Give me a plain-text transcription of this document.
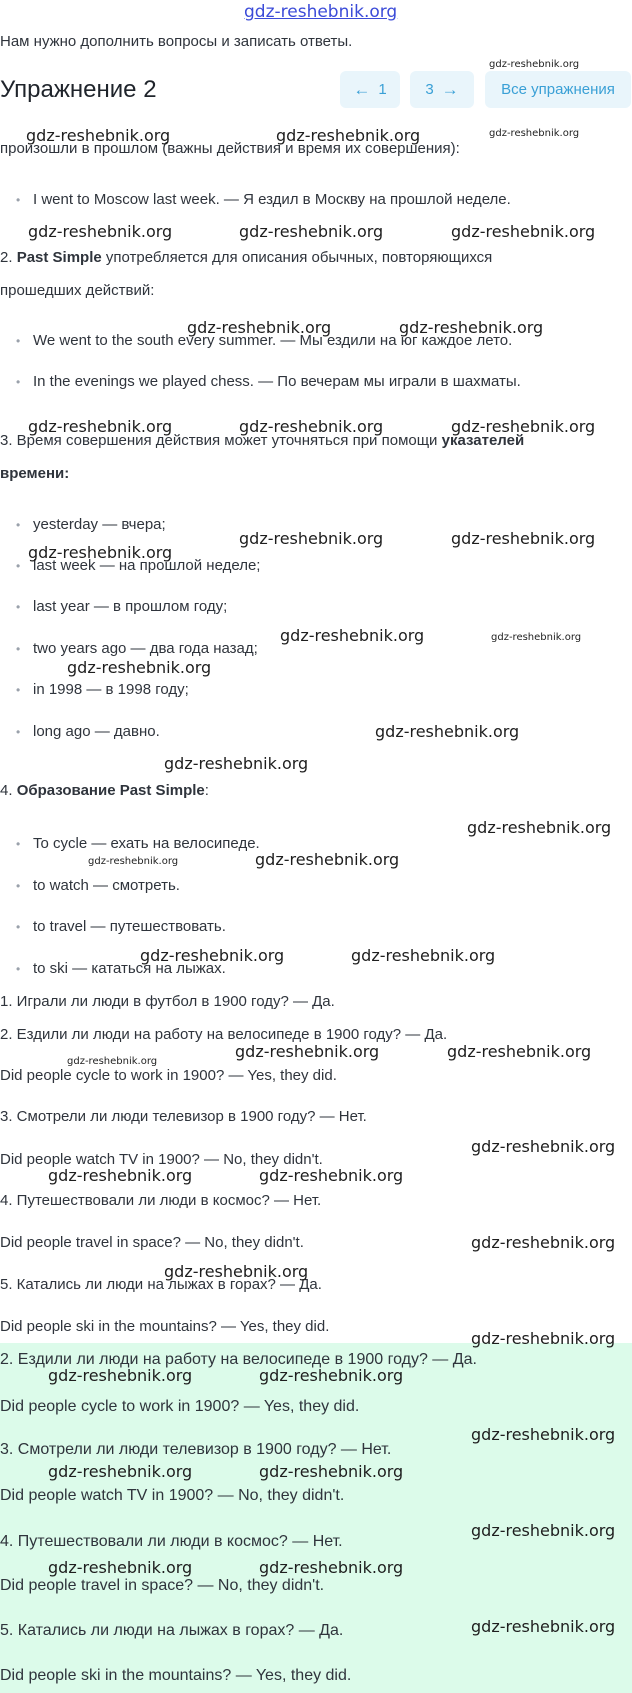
gdz-reshebnik.org
Нам нужно дополнить вопросы и записать ответы.
Упражнение 2	← 1	3 →	Все упражнения
произошли в прошлом (важны действия и время их совершения):
• I went to Moscow last week. — Я ездил в Москву на прошлой неделе.
2. Past Simple употребляется для описания обычных, повторяющихся
прошедших действий:
• We went to the south every summer. — Мы ездили на юг каждое лето.
• In the evenings we played chess. — По вечерам мы играли в шахматы.
3. Время совершения действия может уточняться при помощи указателей
времени:
• yesterday — вчера;
• last week — на прошлой неделе;
• last year — в прошлом году;
• two years ago — два года назад;
• in 1998 — в 1998 году;
• long ago — давно.
4. Образование Past Simple:
• To cycle — ехать на велосипеде.
• to watch — смотреть.
• to travel — путешествовать.
• to ski — кататься на лыжах.
1. Играли ли люди в футбол в 1900 году? — Да.
2. Ездили ли люди на работу на велосипеде в 1900 году? — Да.
Did people cycle to work in 1900? — Yes, they did.
3. Смотрели ли люди телевизор в 1900 году? — Нет.
Did people watch TV in 1900? — No, they didn't.
4. Путешествовали ли люди в космос? — Нет.
Did people travel in space? — No, they didn't.
5. Катались ли люди на лыжах в горах? — Да.
Did people ski in the mountains? — Yes, they did.
2. Ездили ли люди на работу на велосипеде в 1900 году? — Да.
Did people cycle to work in 1900? — Yes, they did.
3. Смотрели ли люди телевизор в 1900 году? — Нет.
Did people watch TV in 1900? — No, they didn't.
4. Путешествовали ли люди в космос? — Нет.
Did people travel in space? — No, they didn't.
5. Катались ли люди на лыжах в горах? — Да.
Did people ski in the mountains? — Yes, they did.
gdz-reshebnik.org
gdz-reshebnik.org
gdz-reshebnik.org	gdz-reshebnik.org
gdz-reshebnik.org	gdz-reshebnik.org	gdz-reshebnik.org
gdz-reshebnik.org	gdz-reshebnik.org
gdz-reshebnik.org	gdz-reshebnik.org	gdz-reshebnik.org
gdz-reshebnik.org	gdz-reshebnik.org
gdz-reshebnik.org
gdz-reshebnik.org	gdz-reshebnik.org
gdz-reshebnik.org
gdz-reshebnik.org
gdz-reshebnik.org
gdz-reshebnik.org
gdz-reshebnik.org	gdz-reshebnik.org
gdz-reshebnik.org	gdz-reshebnik.org
gdz-reshebnik.org
gdz-reshebnik.org	gdz-reshebnik.org
gdz-reshebnik.org
gdz-reshebnik.org	gdz-reshebnik.org
gdz-reshebnik.org
gdz-reshebnik.org
gdz-reshebnik.org
gdz-reshebnik.org	gdz-reshebnik.org
gdz-reshebnik.org
gdz-reshebnik.org	gdz-reshebnik.org
gdz-reshebnik.org
gdz-reshebnik.org	gdz-reshebnik.org
gdz-reshebnik.org
